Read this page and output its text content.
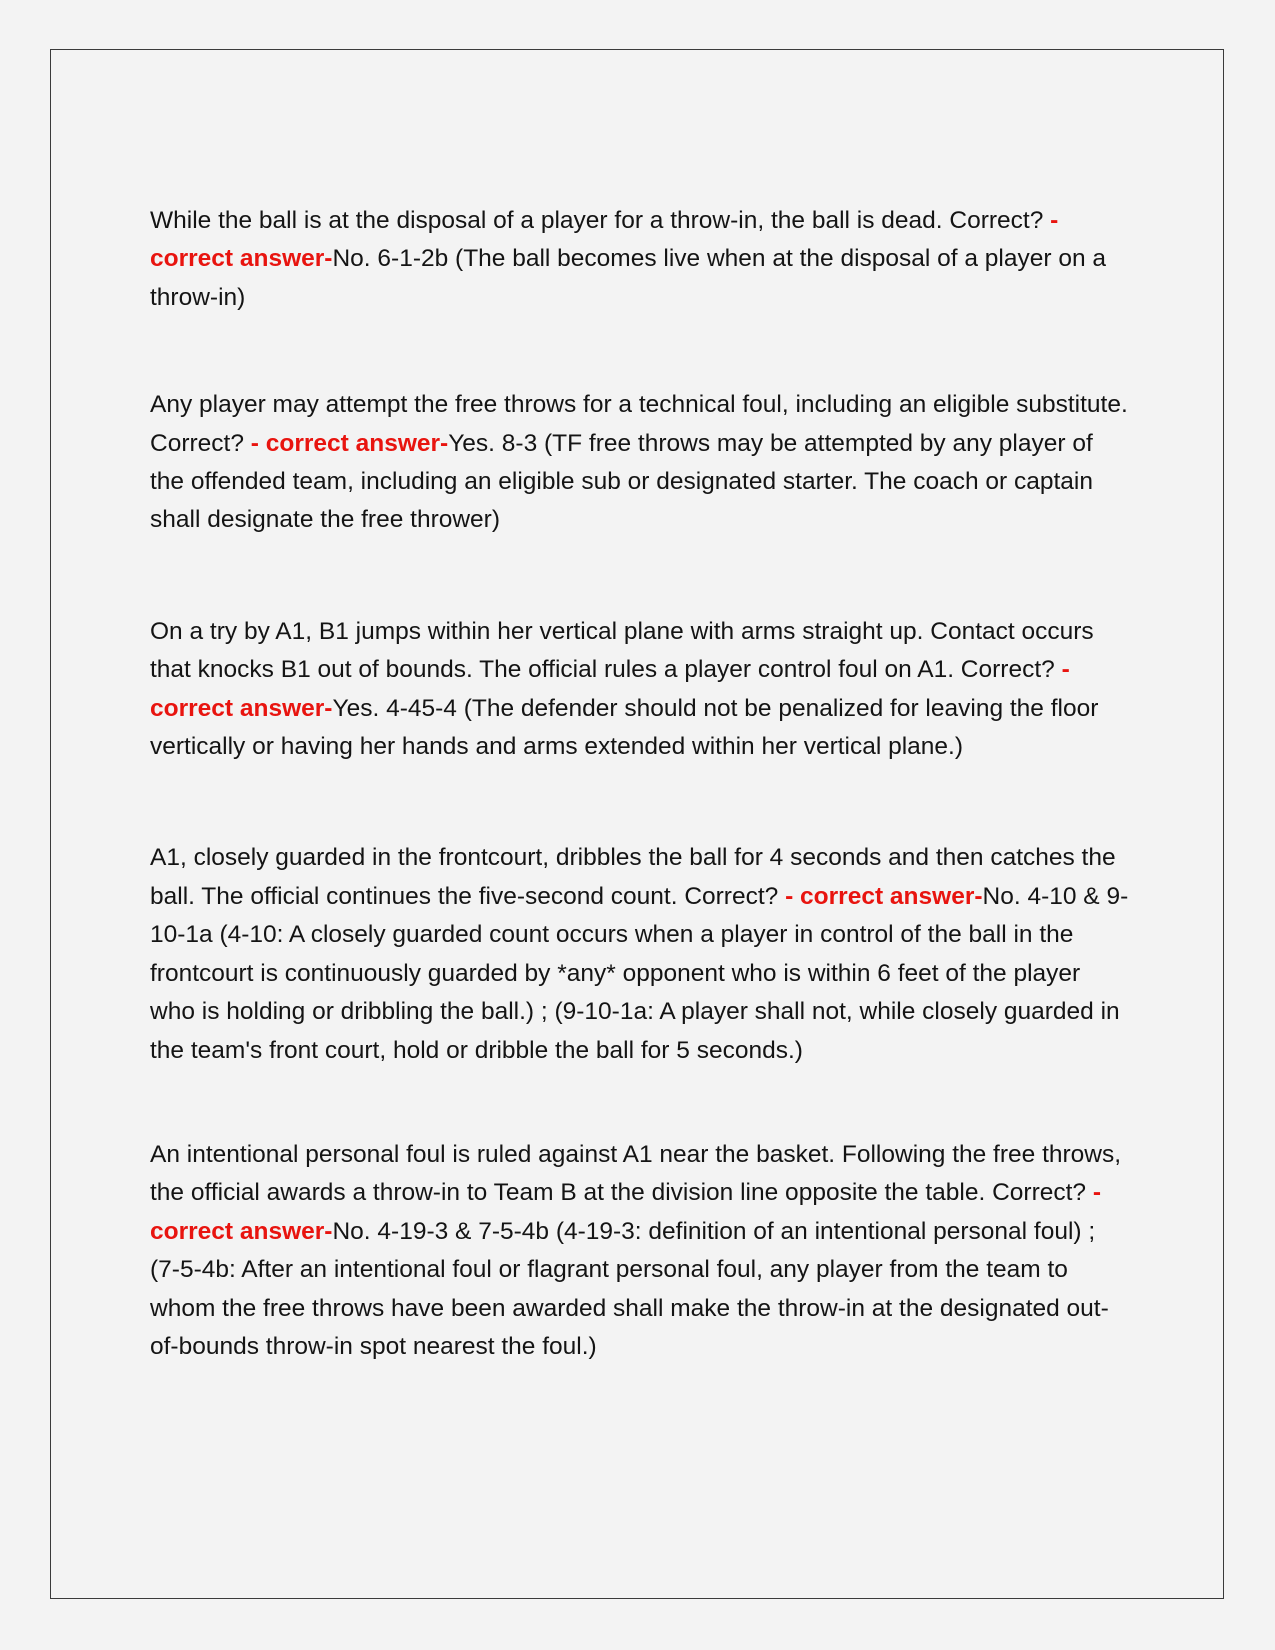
While the ball is at the disposal of a player for a throw-in, the ball is dead. Correct? - correct answer-No. 6-1-2b (The ball becomes live when at the disposal of a player on a throw-in)

Any player may attempt the free throws for a technical foul, including an eligible substitute. Correct? - correct answer-Yes. 8-3 (TF free throws may be attempted by any player of the offended team, including an eligible sub or designated starter. The coach or captain shall designate the free thrower)

On a try by A1, B1 jumps within her vertical plane with arms straight up. Contact occurs that knocks B1 out of bounds. The official rules a player control foul on A1. Correct? - correct answer-Yes. 4-45-4 (The defender should not be penalized for leaving the floor vertically or having her hands and arms extended within her vertical plane.)

A1, closely guarded in the frontcourt, dribbles the ball for 4 seconds and then catches the ball. The official continues the five-second count. Correct? - correct answer-No. 4-10 & 9-10-1a (4-10: A closely guarded count occurs when a player in control of the ball in the frontcourt is continuously guarded by *any* opponent who is within 6 feet of the player who is holding or dribbling the ball.) ; (9-10-1a: A player shall not, while closely guarded in the team's front court, hold or dribble the ball for 5 seconds.)

An intentional personal foul is ruled against A1 near the basket. Following the free throws, the official awards a throw-in to Team B at the division line opposite the table. Correct? - correct answer-No. 4-19-3 & 7-5-4b (4-19-3: definition of an intentional personal foul) ; (7-5-4b: After an intentional foul or flagrant personal foul, any player from the team to whom the free throws have been awarded shall make the throw-in at the designated out-of-bounds throw-in spot nearest the foul.)
